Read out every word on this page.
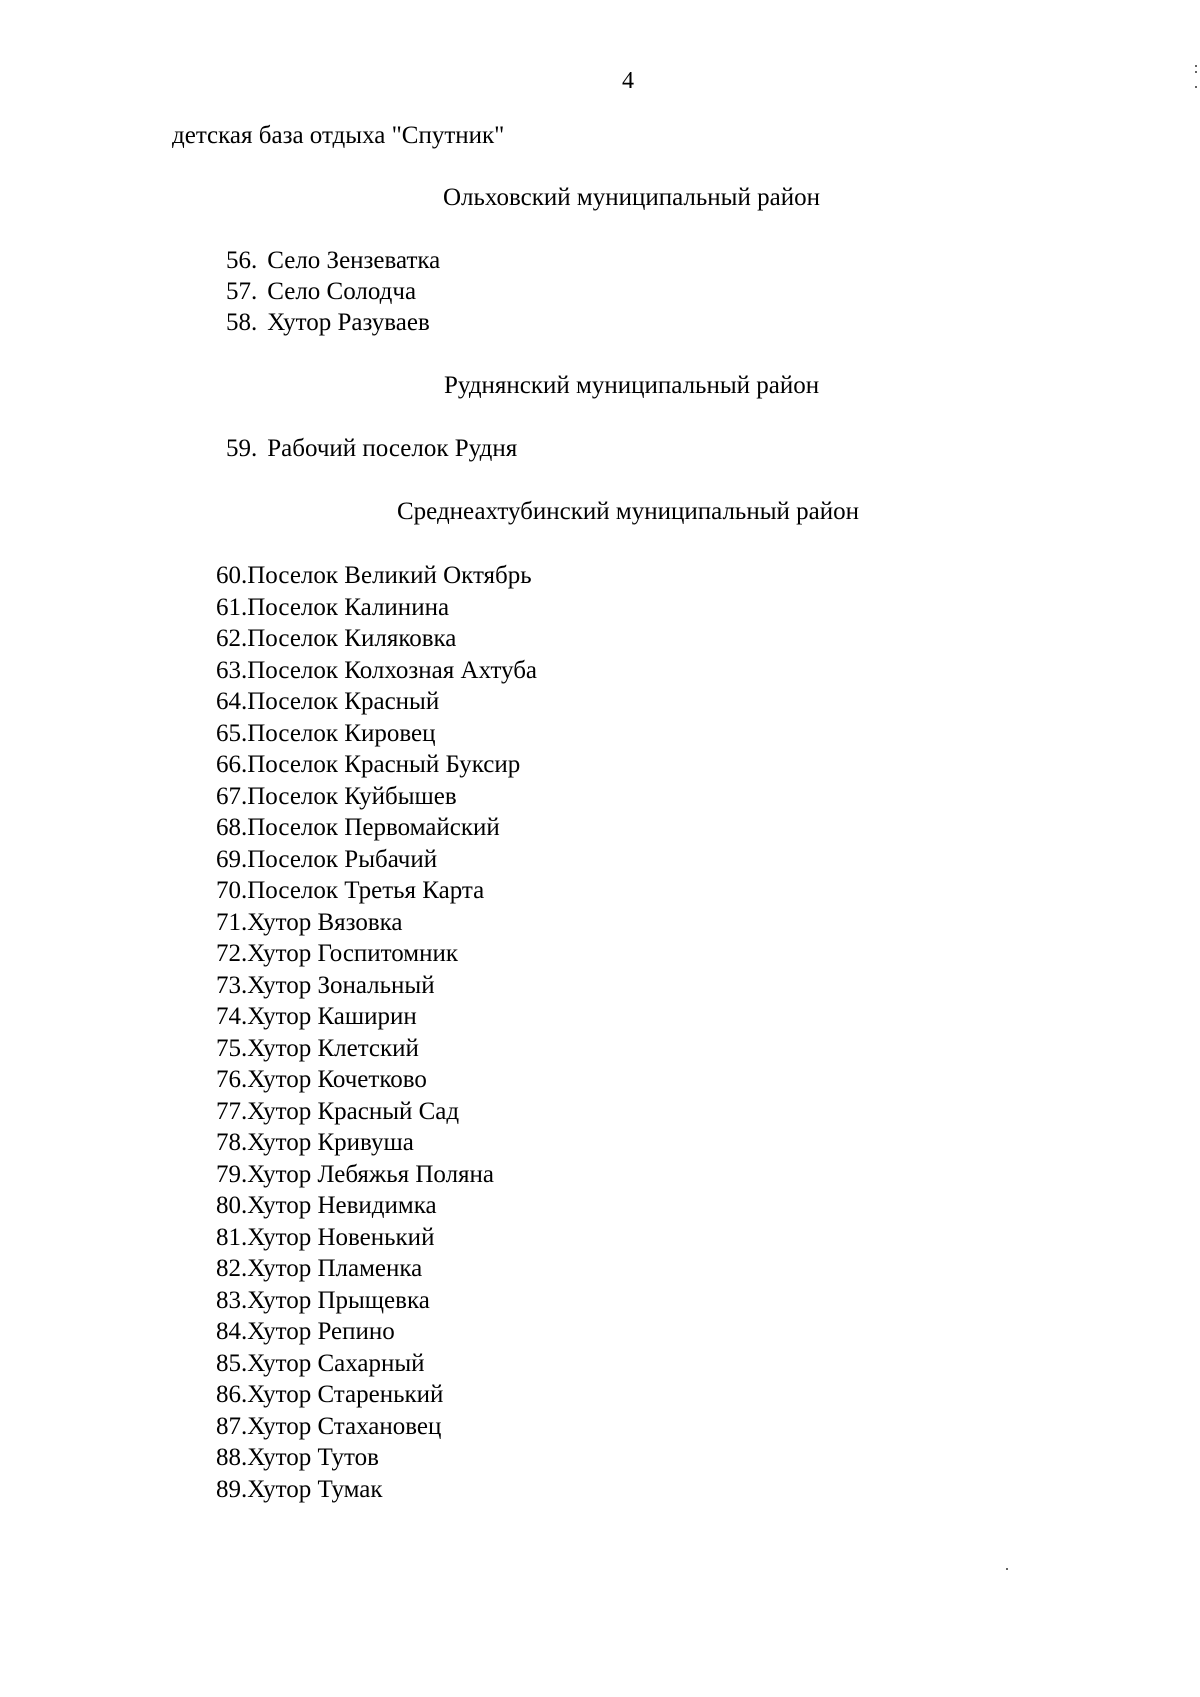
4
детская база отдыха "Спутник"
Ольховский муниципальный район
56. Село Зензеватка
57. Село Солодча
58. Хутор Разуваев
Руднянский муниципальный район
59. Рабочий поселок Рудня
Среднеахтубинский муниципальный район
60.Поселок Великий Октябрь
61.Поселок Калинина
62.Поселок Киляковка
63.Поселок Колхозная Ахтуба
64.Поселок Красный
65.Поселок Кировец
66.Поселок Красный Буксир
67.Поселок Куйбышев
68.Поселок Первомайский
69.Поселок Рыбачий
70.Поселок Третья Карта
71.Хутор Вязовка
72.Хутор Госпитомник
73.Хутор Зональный
74.Хутор Каширин
75.Хутор Клетский
76.Хутор Кочетково
77.Хутор Красный Сад
78.Хутор Кривуша
79.Хутор Лебяжья Поляна
80.Хутор Невидимка
81.Хутор Новенький
82.Хутор Пламенка
83.Хутор Прыщевка
84.Хутор Репино
85.Хутор Сахарный
86.Хутор Старенький
87.Хутор Стахановец
88.Хутор Тутов
89.Хутор Тумак
